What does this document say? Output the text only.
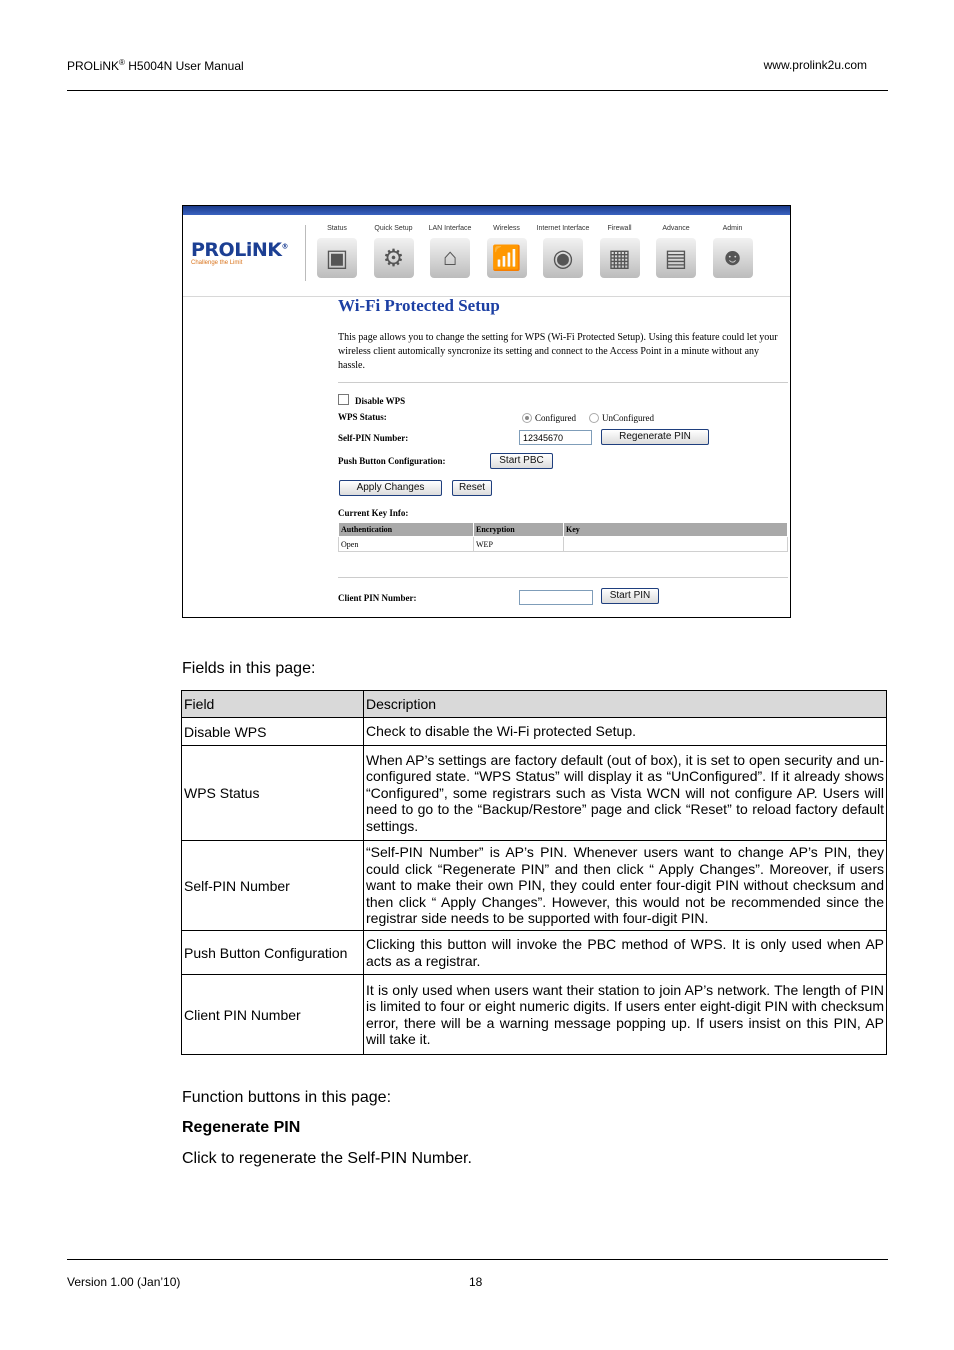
PROLiNK® H5004N User Manual	www.prolink2u.com
PROLiNK®
Challenge the Limit
Status
▣
Quick Setup
⚙
LAN Interface
⌂
Wireless
📶
Internet Interface
◉
Firewall
▦
Advance
▤
Admin
☻
Wi-Fi Protected Setup
This page allows you to change the setting for WPS (Wi-Fi Protected Setup). Using this feature could let your wireless client automically syncronize its setting and connect to the Access Point in a minute without any hassle.
Disable WPS
WPS Status:	Configured	UnConfigured
Self-PIN Number:	12345670	Regenerate PIN
Push Button Configuration:	Start PBC
Apply Changes	Reset
Current Key Info:
Authentication	Encryption	Key
Open	WEP	
Client PIN Number:	Start PIN
Fields in this page:
Field	Description
Disable WPS	Check to disable the Wi-Fi protected Setup.
WPS Status	When AP’s settings are factory default (out of box), it is set to open security and un-configured state. “WPS Status” will display it as “UnConfigured”. If it already shows “Configured”, some registrars such as Vista WCN will not configure AP. Users will need to go to the “Backup/Restore” page and click “Reset” to reload factory default settings.
Self-PIN Number	“Self-PIN Number” is AP’s PIN. Whenever users want to change AP’s PIN, they could click “Regenerate PIN” and then click “ Apply Changes”. Moreover, if users want to make their own PIN, they could enter four-digit PIN without checksum and then click “ Apply Changes”. However, this would not be recommended since the registrar side needs to be supported with four-digit PIN.
Push Button Configuration	Clicking this button will invoke the PBC method of WPS. It is only used when AP acts as a registrar.
Client PIN Number	It is only used when users want their station to join AP’s network. The length of PIN is limited to four or eight numeric digits. If users enter eight-digit PIN with checksum error, there will be a warning message popping up. If users insist on this PIN, AP will take it.
Function buttons in this page:
Regenerate PIN
Click to regenerate the Self-PIN Number.
Version 1.00 (Jan’10)	18
